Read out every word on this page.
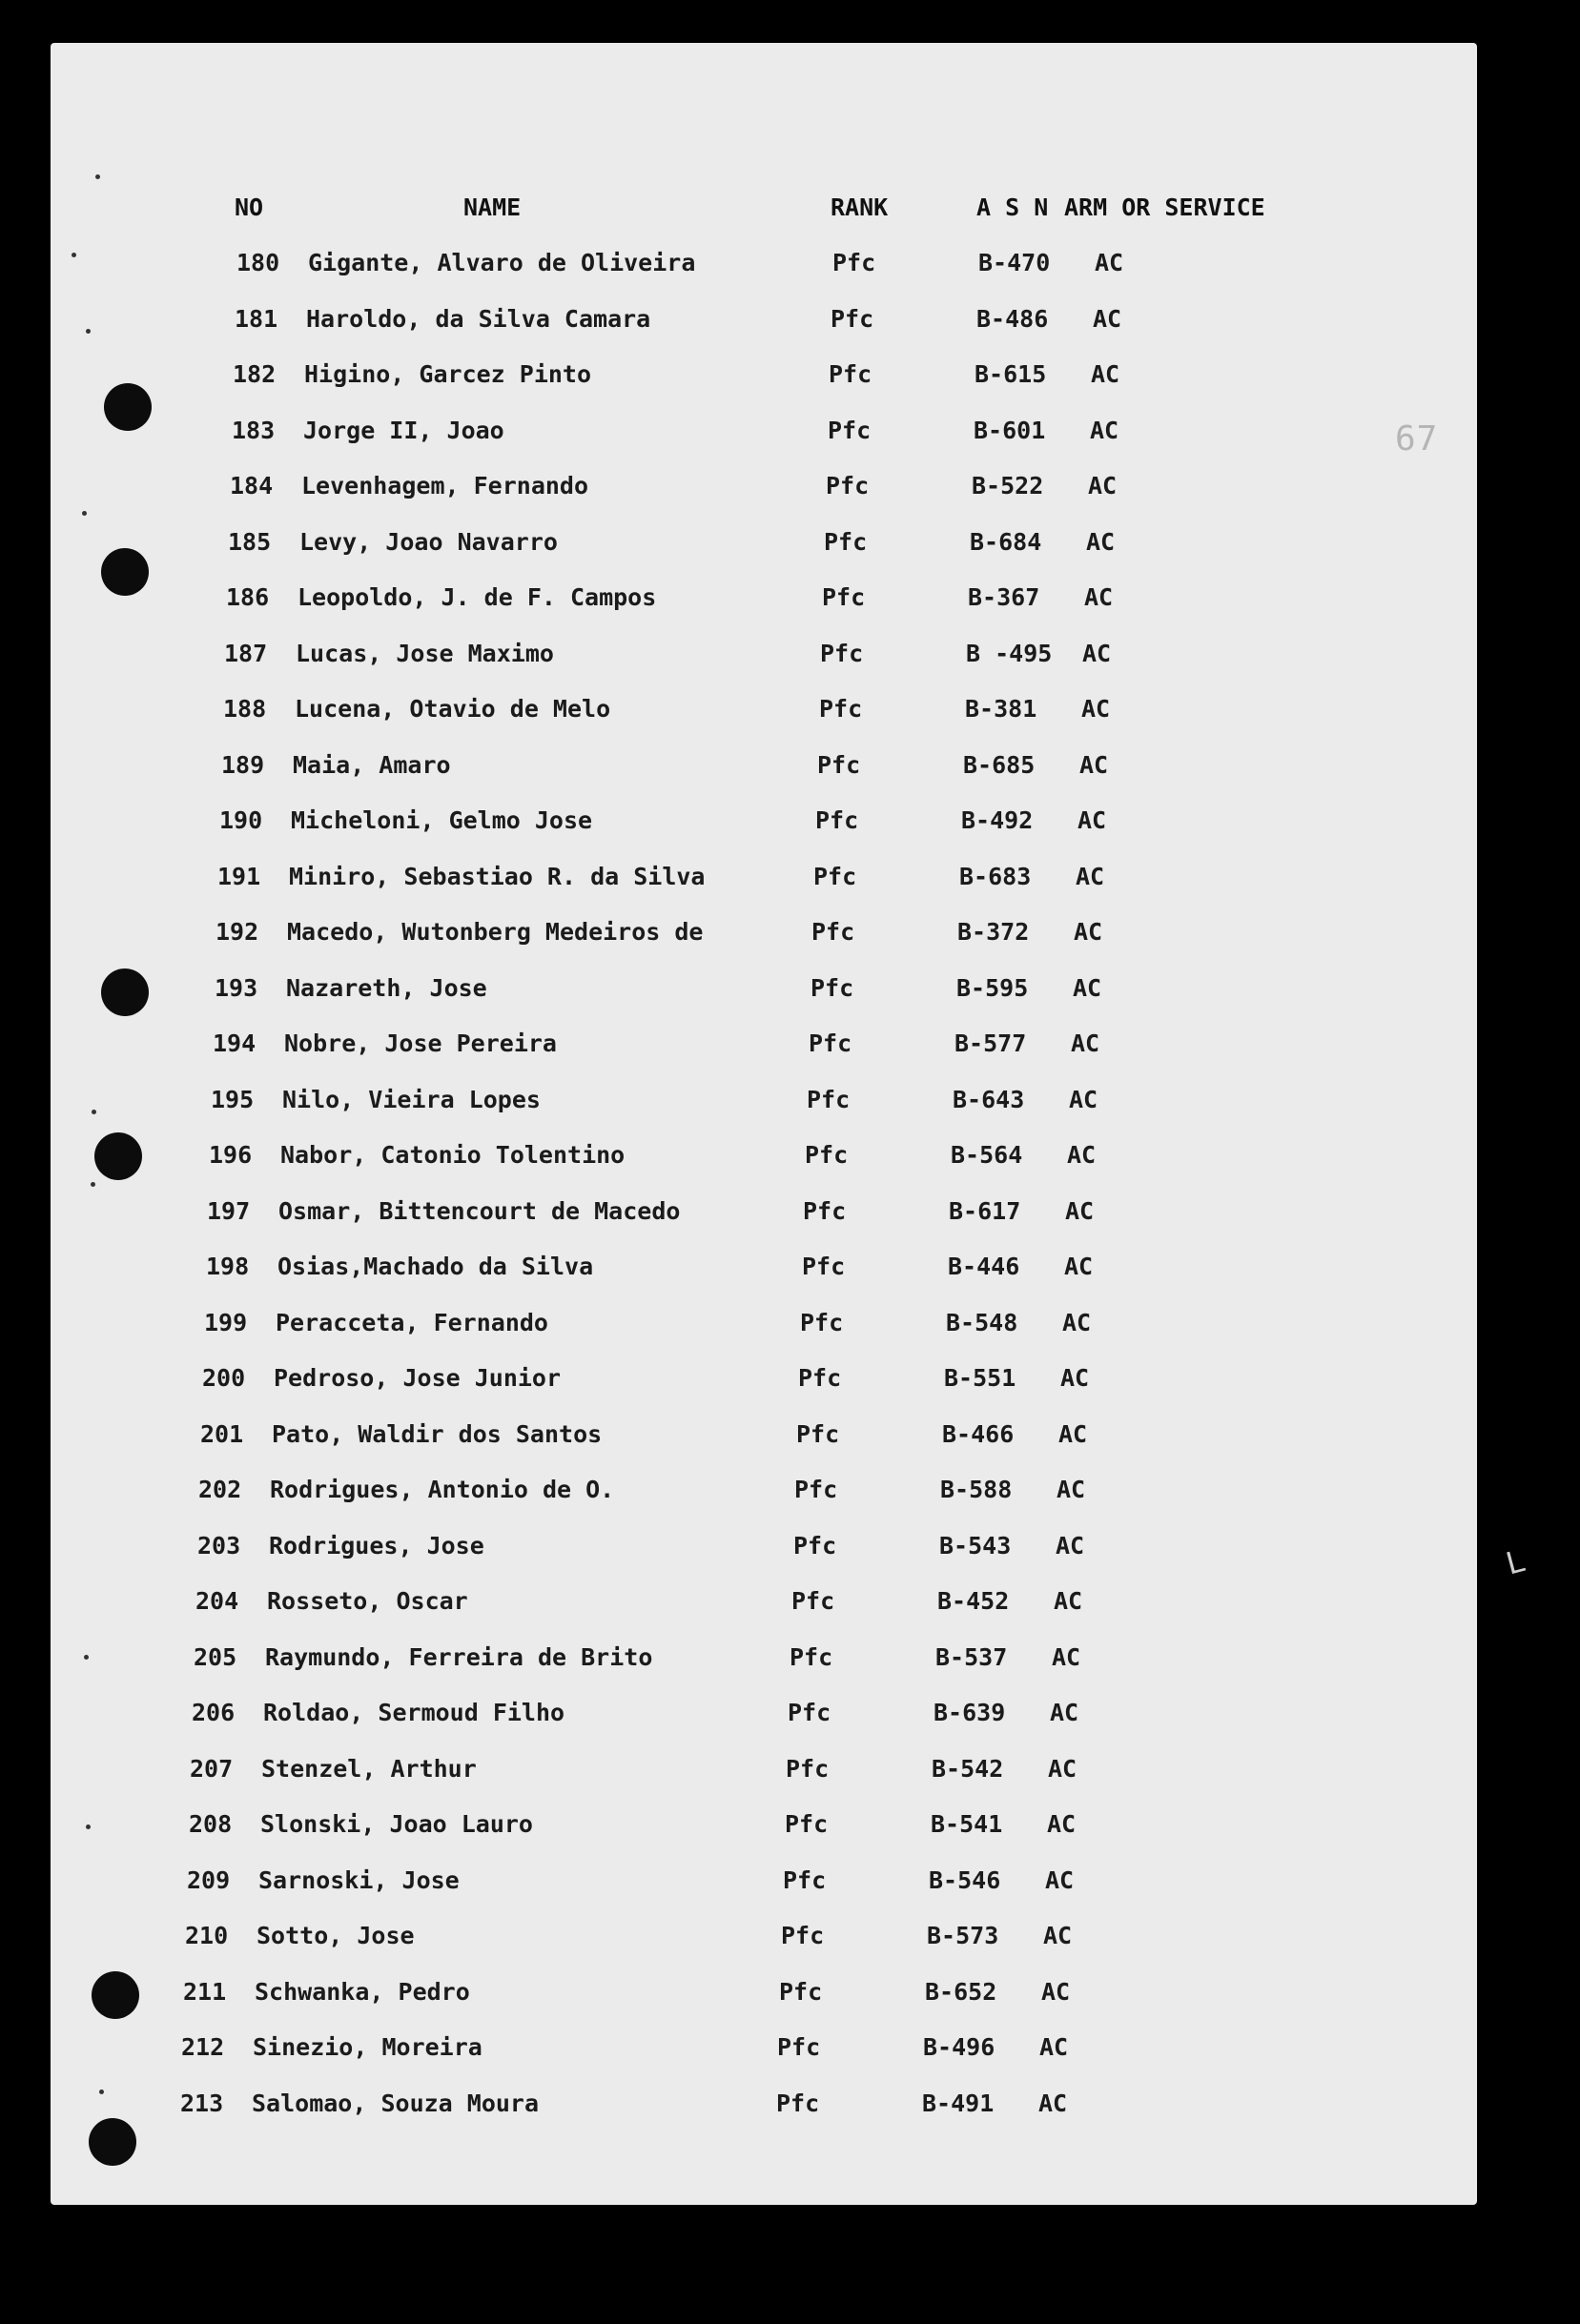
67
L
NO	NAME	RANK	A S N ARM OR SERVICE
180 Gigante, Alvaro de Oliveira	Pfc	B-470 AC
181 Haroldo, da Silva Camara	Pfc	B-486 AC
182 Higino, Garcez Pinto	Pfc	B-615 AC
183 Jorge II, Joao	Pfc	B-601 AC
184 Levenhagem, Fernando	Pfc	B-522 AC
185 Levy, Joao Navarro	Pfc	B-684 AC
186 Leopoldo, J. de F. Campos	Pfc	B-367 AC
187 Lucas, Jose Maximo	Pfc	B -495 AC
188 Lucena, Otavio de Melo	Pfc	B-381 AC
189 Maia, Amaro	Pfc	B-685 AC
190 Micheloni, Gelmo Jose	Pfc	B-492 AC
191 Miniro, Sebastiao R. da Silva	Pfc	B-683 AC
192 Macedo, Wutonberg Medeiros de	Pfc	B-372 AC
193 Nazareth, Jose	Pfc	B-595 AC
194 Nobre, Jose Pereira	Pfc	B-577 AC
195 Nilo, Vieira Lopes	Pfc	B-643 AC
196 Nabor, Catonio Tolentino	Pfc	B-564 AC
197 Osmar, Bittencourt de Macedo	Pfc	B-617 AC
198 Osias,Machado da Silva	Pfc	B-446 AC
199 Peracceta, Fernando	Pfc	B-548 AC
200 Pedroso, Jose Junior	Pfc	B-551 AC
201 Pato, Waldir dos Santos	Pfc	B-466 AC
202 Rodrigues, Antonio de O.	Pfc	B-588 AC
203 Rodrigues, Jose	Pfc	B-543 AC
204 Rosseto, Oscar	Pfc	B-452 AC
205 Raymundo, Ferreira de Brito	Pfc	B-537 AC
206 Roldao, Sermoud Filho	Pfc	B-639 AC
207 Stenzel, Arthur	Pfc	B-542 AC
208 Slonski, Joao Lauro	Pfc	B-541 AC
209 Sarnoski, Jose	Pfc	B-546 AC
210 Sotto, Jose	Pfc	B-573 AC
211 Schwanka, Pedro	Pfc	B-652 AC
212 Sinezio, Moreira	Pfc	B-496 AC
213 Salomao, Souza Moura	Pfc	B-491 AC
